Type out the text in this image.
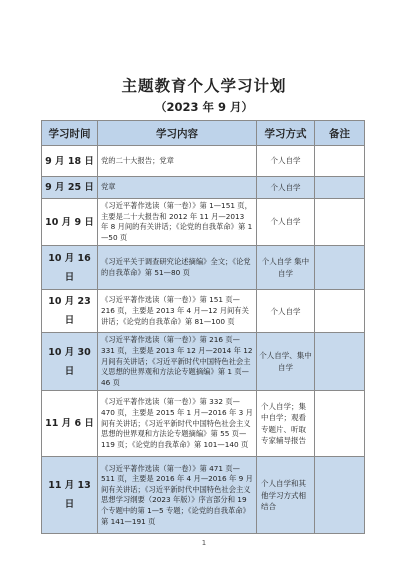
主题教育个人学习计划
（2023 年 9 月）
学习时间	学习内容	学习方式	备注
9 月 18 日	党的二十大报告；党章	个人自学	
9 月 25 日	党章	个人自学	
10 月 9 日	《习近平著作选读（第一卷）》第 1—151 页，主要是二十大报告和 2012 年 11 月—2013 年 8 月间的有关讲话；《论党的自我革命》第 1—50 页	个人自学	
10 月 16 日	《习近平关于调查研究论述摘编》全文；《论党的自我革命》第 51—80 页	个人自学 集中自学	
10 月 23 日	《习近平著作选读（第一卷）》第 151 页—216 页，主要是 2013 年 4 月—12 月间有关讲话；《论党的自我革命》第 81—100 页	个人自学	
10 月 30 日	《习近平著作选读（第一卷）》第 216 页—331 页，主要是 2013 年 12 月—2014 年 12 月间有关讲话；《习近平新时代中国特色社会主义思想的世界观和方法论专题摘编》第 1 页—46 页	个人自学、集中自学	
11 月 6 日	《习近平著作选读（第一卷）》第 332 页—470 页，主要是 2015 年 1 月—2016 年 3 月间有关讲话；《习近平新时代中国特色社会主义思想的世界观和方法论专题摘编》第 55 页—119 页；《论党的自我革命》第 101—140 页	个人自学；集中自学；观看专题片、听取专家辅导报告	
11 月 13 日	《习近平著作选读（第一卷）》第 471 页—511 页，主要是 2016 年 4 月—2016 年 9 月间有关讲话；《习近平新时代中国特色社会主义思想学习纲要（2023 年版）》序言部分和 19 个专题中的第 1—5 专题；《论党的自我革命》第 141—191 页	个人自学和其他学习方式相结合	
1
